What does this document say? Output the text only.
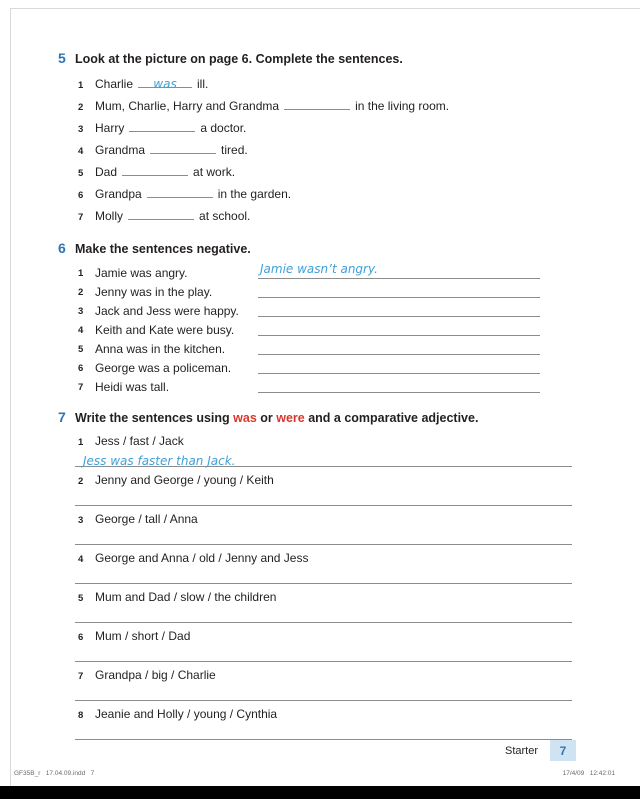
5 Look at the picture on page 6. Complete the sentences.
1 Charlie was ill.
2 Mum, Charlie, Harry and Grandma	in the living room.
3 Harry	a doctor.
4 Grandma	tired.
5 Dad	at work.
6 Grandpa	in the garden.
7 Molly	at school.
6 Make the sentences negative.
1 Jamie was angry.	Jamie wasn’t angry.
2 Jenny was in the play.
3 Jack and Jess were happy.
4 Keith and Kate were busy.
5 Anna was in the kitchen.
6 George was a policeman.
7 Heidi was tall.
7 Write the sentences using was or were and a comparative adjective.
1 Jess / fast / Jack
Jess was faster than Jack.
2 Jenny and George / young / Keith
3 George / tall / Anna
4 George and Anna / old / Jenny and Jess
5 Mum and Dad / slow / the children
6 Mum / short / Dad
7 Grandpa / big / Charlie
8 Jeanie and Holly / young / Cynthia
Starter	7
GF35B_r   17.04.09.indd   7	17/4/09   12:42:01
